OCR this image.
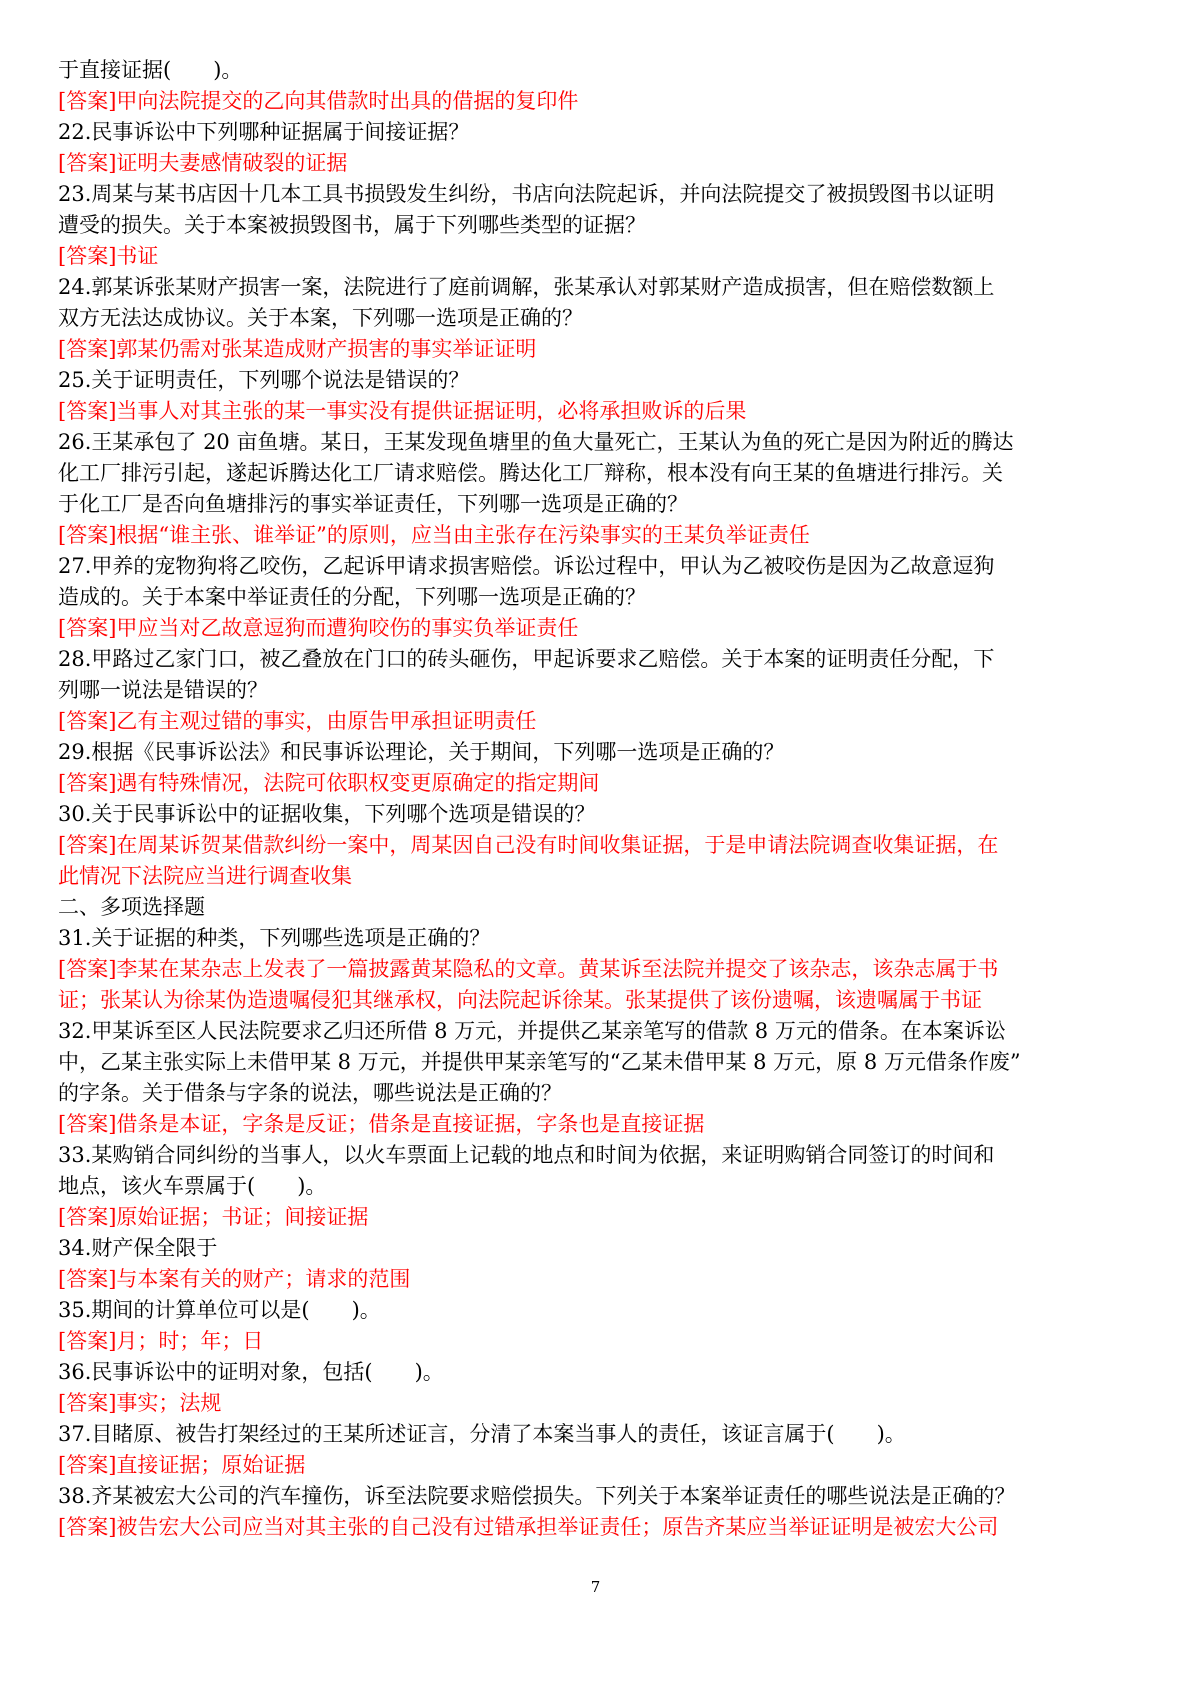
于直接证据(　　)。
[答案]甲向法院提交的乙向其借款时出具的借据的复印件
22.民事诉讼中下列哪种证据属于间接证据？
[答案]证明夫妻感情破裂的证据
23.周某与某书店因十几本工具书损毁发生纠纷，书店向法院起诉，并向法院提交了被损毁图书以证明
遭受的损失。关于本案被损毁图书，属于下列哪些类型的证据？
[答案]书证
24.郭某诉张某财产损害一案，法院进行了庭前调解，张某承认对郭某财产造成损害，但在赔偿数额上
双方无法达成协议。关于本案，下列哪一选项是正确的？
[答案]郭某仍需对张某造成财产损害的事实举证证明
25.关于证明责任，下列哪个说法是错误的？
[答案]当事人对其主张的某一事实没有提供证据证明，必将承担败诉的后果
26.王某承包了 20 亩鱼塘。某日，王某发现鱼塘里的鱼大量死亡，王某认为鱼的死亡是因为附近的腾达
化工厂排污引起，遂起诉腾达化工厂请求赔偿。腾达化工厂辩称，根本没有向王某的鱼塘进行排污。关
于化工厂是否向鱼塘排污的事实举证责任，下列哪一选项是正确的？
[答案]根据“谁主张、谁举证”的原则，应当由主张存在污染事实的王某负举证责任
27.甲养的宠物狗将乙咬伤，乙起诉甲请求损害赔偿。诉讼过程中，甲认为乙被咬伤是因为乙故意逗狗
造成的。关于本案中举证责任的分配，下列哪一选项是正确的？
[答案]甲应当对乙故意逗狗而遭狗咬伤的事实负举证责任
28.甲路过乙家门口，被乙叠放在门口的砖头砸伤，甲起诉要求乙赔偿。关于本案的证明责任分配，下
列哪一说法是错误的？
[答案]乙有主观过错的事实，由原告甲承担证明责任
29.根据《民事诉讼法》和民事诉讼理论，关于期间，下列哪一选项是正确的？
[答案]遇有特殊情况，法院可依职权变更原确定的指定期间
30.关于民事诉讼中的证据收集，下列哪个选项是错误的？
[答案]在周某诉贺某借款纠纷一案中，周某因自己没有时间收集证据，于是申请法院调查收集证据，在
此情况下法院应当进行调查收集
二、多项选择题
31.关于证据的种类，下列哪些选项是正确的？
[答案]李某在某杂志上发表了一篇披露黄某隐私的文章。黄某诉至法院并提交了该杂志，该杂志属于书
证；张某认为徐某伪造遗嘱侵犯其继承权，向法院起诉徐某。张某提供了该份遗嘱，该遗嘱属于书证
32.甲某诉至区人民法院要求乙归还所借 8 万元，并提供乙某亲笔写的借款 8 万元的借条。在本案诉讼
中，乙某主张实际上未借甲某 8 万元，并提供甲某亲笔写的“乙某未借甲某 8 万元，原 8 万元借条作废”
的字条。关于借条与字条的说法，哪些说法是正确的？
[答案]借条是本证，字条是反证；借条是直接证据，字条也是直接证据
33.某购销合同纠纷的当事人，以火车票面上记载的地点和时间为依据，来证明购销合同签订的时间和
地点，该火车票属于(　　)。
[答案]原始证据；书证；间接证据
34.财产保全限于
[答案]与本案有关的财产；请求的范围
35.期间的计算单位可以是(　　)。
[答案]月；时；年；日
36.民事诉讼中的证明对象，包括(　　)。
[答案]事实；法规
37.目睹原、被告打架经过的王某所述证言，分清了本案当事人的责任，该证言属于(　　)。
[答案]直接证据；原始证据
38.齐某被宏大公司的汽车撞伤，诉至法院要求赔偿损失。下列关于本案举证责任的哪些说法是正确的？
[答案]被告宏大公司应当对其主张的自己没有过错承担举证责任；原告齐某应当举证证明是被宏大公司
7
